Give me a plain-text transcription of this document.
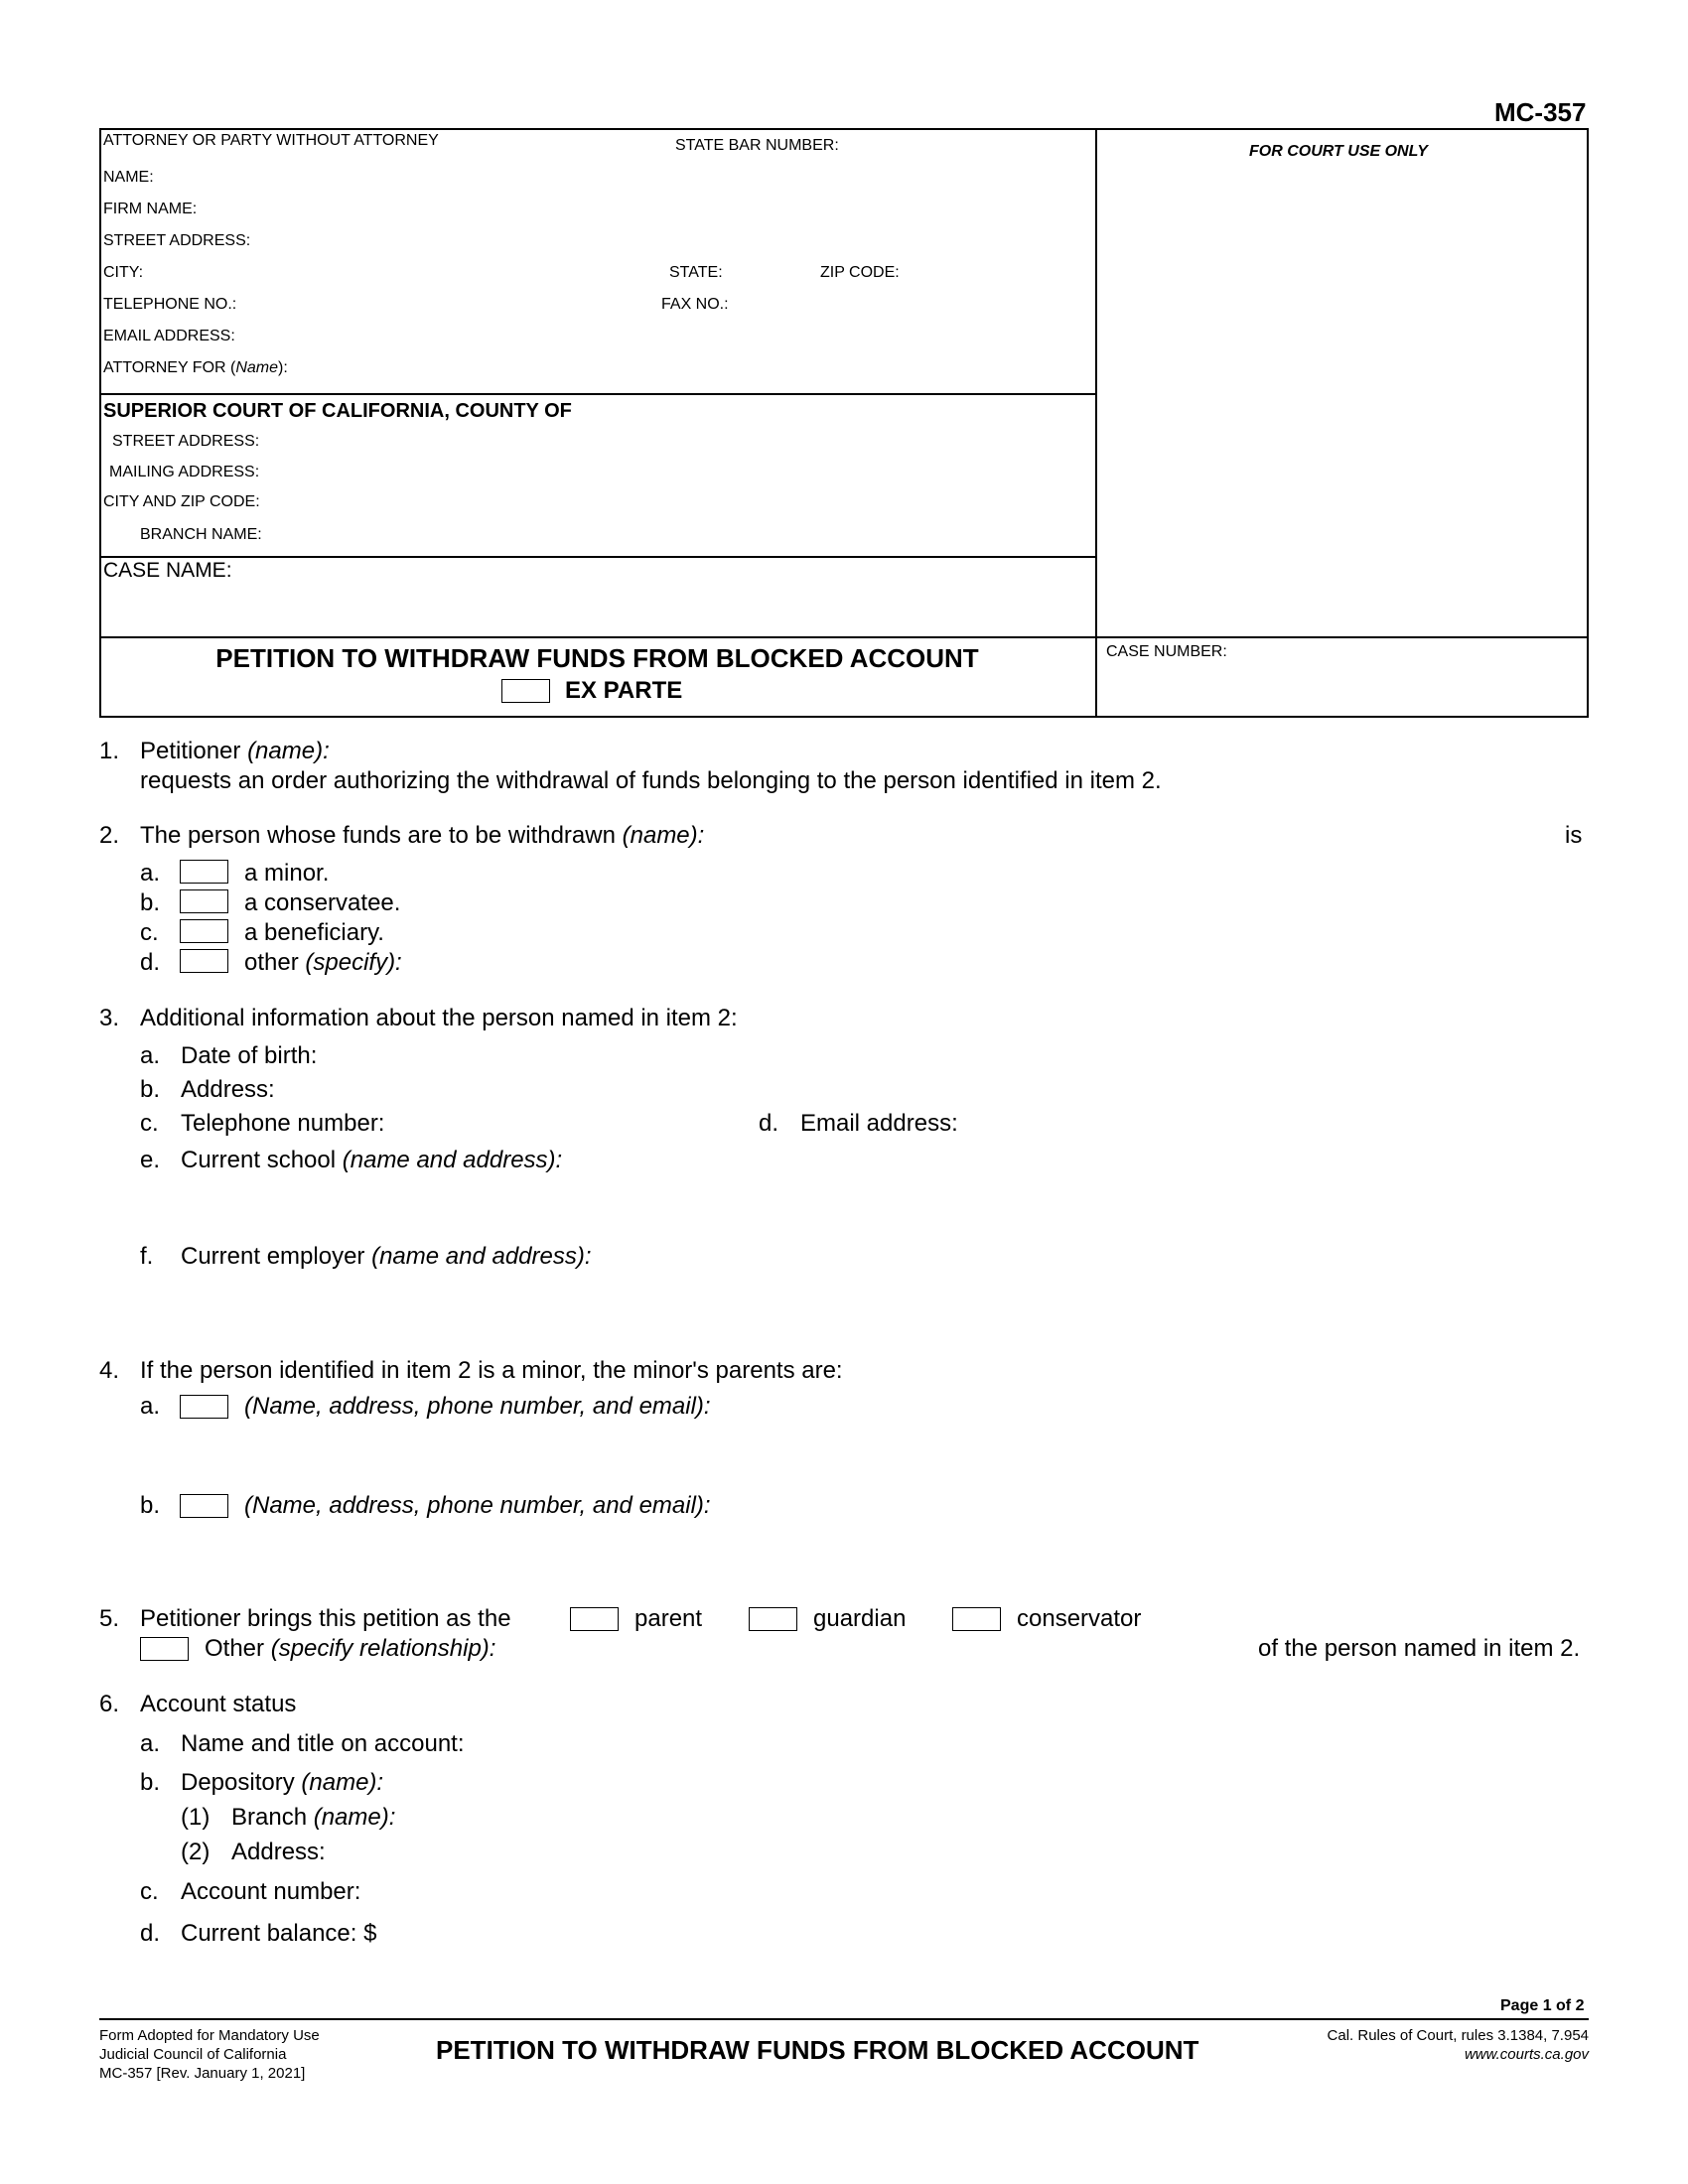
MC-357
ATTORNEY OR PARTY WITHOUT ATTORNEY	STATE BAR NUMBER:
NAME:
FIRM NAME:
STREET ADDRESS:
CITY:	STATE:	ZIP CODE:
TELEPHONE NO.:	FAX NO.:
EMAIL ADDRESS:
ATTORNEY FOR (Name):
FOR COURT USE ONLY
SUPERIOR COURT OF CALIFORNIA, COUNTY OF
STREET ADDRESS:
MAILING ADDRESS:
CITY AND ZIP CODE:
BRANCH NAME:
CASE NAME:
PETITION TO WITHDRAW FUNDS FROM BLOCKED ACCOUNT
EX PARTE
CASE NUMBER:
1. Petitioner (name):
requests an order authorizing the withdrawal of funds belonging to the person identified in item 2.
2. The person whose funds are to be withdrawn (name):	is
a.	a minor.
b.	a conservatee.
c.	a beneficiary.
d.	other (specify):
3. Additional information about the person named in item 2:
a. Date of birth:
b. Address:
c. Telephone number:	d. Email address:
e. Current school (name and address):
f. Current employer (name and address):
4. If the person identified in item 2 is a minor, the minor's parents are:
a.	(Name, address, phone number, and email):
b.	(Name, address, phone number, and email):
5. Petitioner brings this petition as the	parent	guardian	conservator
Other (specify relationship):	of the person named in item 2.
6. Account status
a. Name and title on account:
b. Depository (name):
(1) Branch (name):
(2) Address:
c. Account number:
d. Current balance: $
Page 1 of 2
Form Adopted for Mandatory Use
Judicial Council of California
MC-357 [Rev. January 1, 2021]
PETITION TO WITHDRAW FUNDS FROM BLOCKED ACCOUNT	Cal. Rules of Court, rules 3.1384, 7.954
www.courts.ca.gov
